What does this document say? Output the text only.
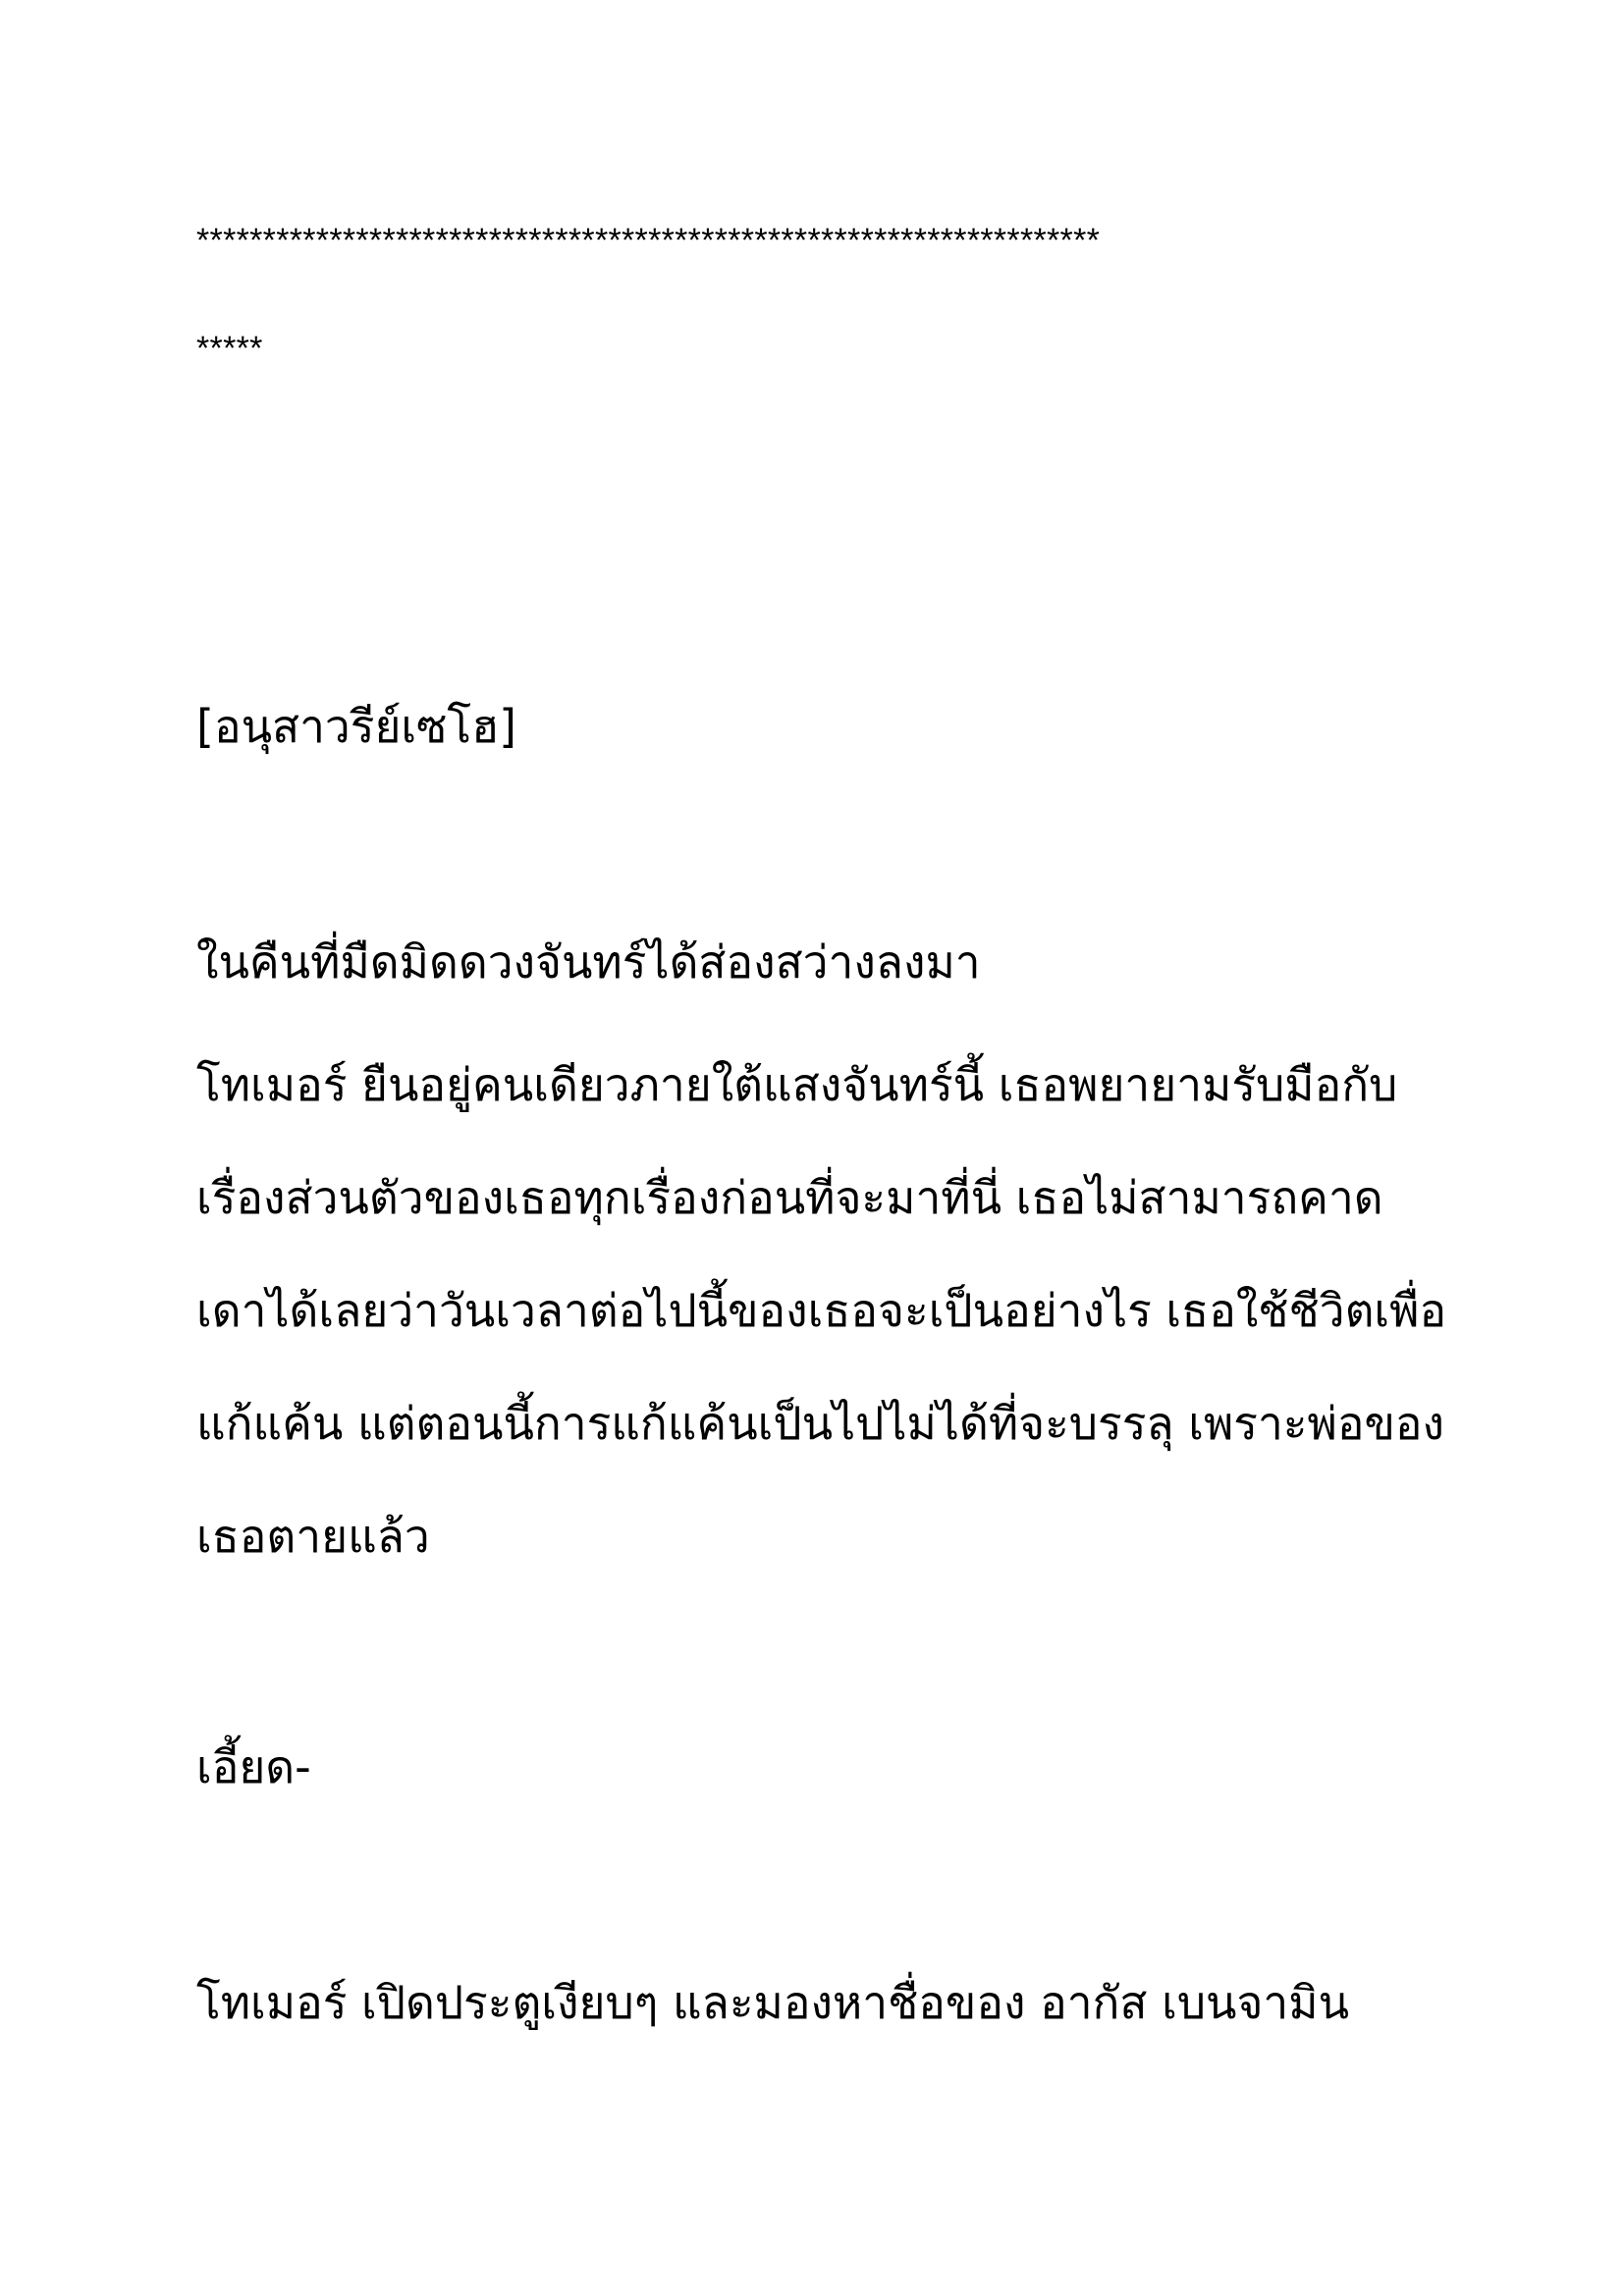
********************************************************************
*****
[อนุสาวรีย์เซโฮ]
ในคืนที่มืดมิดดวงจันทร์ได้ส่องสว่างลงมา
โทเมอร์ ยืนอยู่คนเดียวภายใต้แสงจันทร์นี้ เธอพยายามรับมือกับ
เรื่องส่วนตัวของเธอทุกเรื่องก่อนที่จะมาที่นี่ เธอไม่สามารถคาด
เดาได้เลยว่าวันเวลาต่อไปนี้ของเธอจะเป็นอย่างไร เธอใช้ชีวิตเพื่อ
แก้แค้น แต่ตอนนี้การแก้แค้นเป็นไปไม่ได้ที่จะบรรลุ เพราะพ่อของ
เธอตายแล้ว
เอี้ยด-
โทเมอร์ เปิดประตูเงียบๆ และมองหาชื่อของ อากัส เบนจามิน
